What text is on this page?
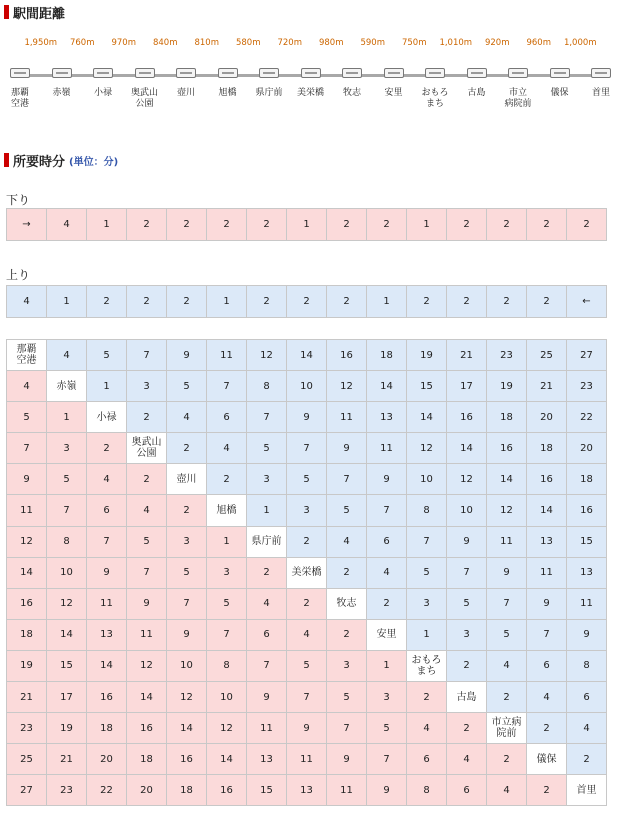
駅間距離
那覇
空港
赤嶺	小禄 奥武山
公園
壺川	旭橋 県庁前 美栄橋 牧志	安里 おもろ
まち
古島	市立
病院前
儀保	首里
1,950m 760m 970m 840m 810m 580m 720m 980m 590m 750m 1,010m 920m 960m 1,000m
所要時分 (単位：分)
下り
→	4	1	2	2	2	2	1	2	2	1	2	2	2	2
上り
4	1	2	2	2	1	2	2	2	1	2	2	2	2	←
那覇
空港	4	5	7	9	11	12	14	16	18	19	21	23	25	27
4	赤嶺	1	3	5	7	8	10	12	14	15	17	19	21	23
5	1	小禄	2	4	6	7	9	11	13	14	16	18	20	22
7	3	2	奥武山
公園	2	4	5	7	9	11	12	14	16	18	20
9	5	4	2	壺川	2	3	5	7	9	10	12	14	16	18
11	7	6	4	2	旭橋	1	3	5	7	8	10	12	14	16
12	8	7	5	3	1	県庁前	2	4	6	7	9	11	13	15
14	10	9	7	5	3	2	美栄橋	2	4	5	7	9	11	13
16	12	11	9	7	5	4	2	牧志	2	3	5	7	9	11
18	14	13	11	9	7	6	4	2	安里	1	3	5	7	9
19	15	14	12	10	8	7	5	3	1	おもろまち	2	4	6	8
21	17	16	14	12	10	9	7	5	3	2	古島	2	4	6
23	19	18	16	14	12	11	9	7	5	4	2	市立病
院前	2	4
25	21	20	18	16	14	13	11	9	7	6	4	2	儀保	2
27	23	22	20	18	16	15	13	11	9	8	6	4	2	首里
